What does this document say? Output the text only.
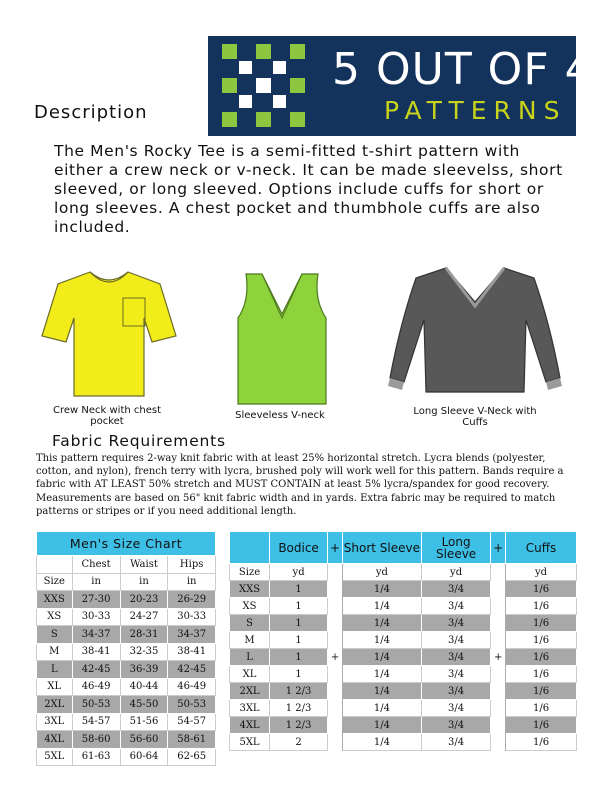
5 OUT OF 4
PATTERNS
Description

The Men's Rocky Tee is a semi-fitted t-shirt pattern with either a crew neck or v-neck. It can be made sleevelss, short sleeved, or long sleeved. Options include cuffs for short or long sleeves. A chest pocket and thumbhole cuffs are also included.

Crew Neck with chest pocket
Sleeveless V-neck	Long Sleeve V-Neck with Cuffs
Fabric Requirements

This pattern requires 2-way knit fabric with at least 25% horizontal stretch. Lycra blends (polyester, cotton, and nylon), french terry with lycra, brushed poly will work well for this pattern. Bands require a fabric with AT LEAST 50% stretch and MUST CONTAIN at least 5% lycra/spandex for good recovery. Measurements are based on 56" knit fabric width and in yards. Extra fabric may be required to match patterns or stripes or if you need additional length.

Men's Size Chart			
	Chest	Waist	Hips
Size	in	in	in
XXS	27-30	20-23	26-29
XS	30-33	24-27	30-33
S	34-37	28-31	34-37
M	38-41	32-35	38-41
L	42-45	36-39	42-45
XL	46-49	40-44	46-49
2XL	50-53	45-50	50-53
3XL	54-57	51-56	54-57
4XL	58-60	56-60	58-61
5XL	61-63	60-64	62-65
	Bodice	+	Short Sleeve	Long Sleeve	+	Cuffs
Size	yd		yd	yd		yd
XXS	1		1/4	3/4		1/6
XS	1		1/4	3/4		1/6
S	1		1/4	3/4		1/6
M	1		1/4	3/4		1/6
L	1	+	1/4	3/4	+	1/6
XL	1		1/4	3/4		1/6
2XL	1 2/3		1/4	3/4		1/6
3XL	1 2/3		1/4	3/4		1/6
4XL	1 2/3		1/4	3/4		1/6
5XL	2		1/4	3/4		1/6
